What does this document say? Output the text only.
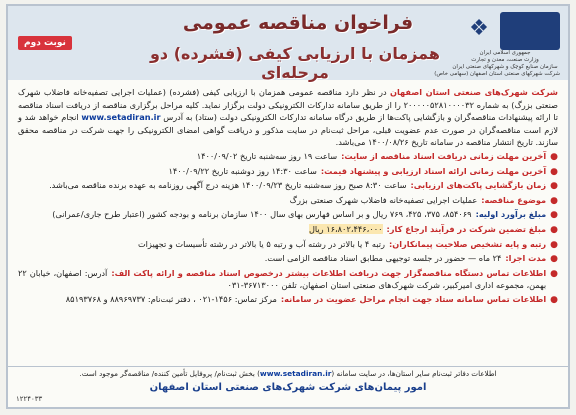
❖
جمهوری اسلامی ایران
وزارت صنعت، معدن و تجارت
سازمان صنایع کوچک و شهرکهای صنعتی ایران
شرکت شهرکهای صنعتی استان اصفهان (سهامی خاص)
فراخوان مناقصه عمومی
همزمان با ارزیابی کیفی (فشرده) دو مرحله‌ای
نوبت دوم

شرکت شهرک‌های صنعتی استان اصفهان در نظر دارد مناقصه عمومی همزمان با ارزیابی کیفی (فشرده) (عملیات اجرایی تصفیه‌خانه فاضلاب شهرک صنعتی بزرگ) به شماره ۲۰۰۰۰۰۵۲۸۱۰۰۰۰۳۲ را از طریق سامانه تدارکات الکترونیکی دولت برگزار نماید. کلیه مراحل برگزاری مناقصه از دریافت اسناد مناقصه تا ارائه پیشنهادات مناقصه‌گران و بازگشایی پاکت‌ها از طریق درگاه سامانه تدارکات الکترونیکی دولت (ستاد) به آدرس www.setadiran.ir انجام خواهد شد و لازم است مناقصه‌گران در صورت عدم عضویت قبلی، مراحل ثبت‌نام در سایت مذکور و دریافت گواهی امضای الکترونیکی را جهت شرکت در مناقصه محقق سازند. تاریخ انتشار مناقصه در سامانه تاریخ ۱۴۰۰/۰۸/۲۶ می‌باشد.

●
آخرین مهلت زمانی دریافت اسناد مناقصه از سایت:ساعت ۱۹ روز سه‌شنبه تاریخ ۱۴۰۰/۰۹/۰۲
●
آخرین مهلت زمانی ارائه اسناد ارزیابی و پیشنهاد قیمت:ساعت ۱۴:۳۰ روز دوشنبه تاریخ ۱۴۰۰/۰۹/۲۲
●
زمان بازگشایی پاکت‌های ارزیابی:ساعت ۸:۳۰ صبح روز سه‌شنبه تاریخ ۱۴۰۰/۰۹/۲۳ هزینه درج آگهی روزنامه به عهده برنده مناقصه می‌باشد.
●
موضوع مناقصه:عملیات اجرایی تصفیه‌خانه فاضلاب شهرک صنعتی بزرگ
●
مبلغ برآورد اولیه:۸۵۴۰۶۹، ۳۷۵، ۴۲۵، ۷۶۹ ریال و بر اساس فهارس بهای سال ۱۴۰۰ سازمان برنامه و بودجه کشور (اعتبار طرح جاری/عمرانی)
●
مبلغ تضمین شرکت در فرآیند ارجاع کار:۱۶،۸۰۲،۴۴۶،۰۰۰ ریال
●
رتبه و پایه تشخیص صلاحیت پیمانکاران:رتبه ۴ یا بالاتر در رشته آب و رتبه ۵ یا بالاتر در رشته تأسیسات و تجهیزات
●
مدت اجرا:۲۴ ماه — حضور در جلسه توجیهی مطابق اسناد مناقصه الزامی است.
●
اطلاعات تماس دستگاه مناقصه‌گزار جهت دریافت اطلاعات بیشتر درخصوص اسناد مناقصه و ارائه پاکت الف:آدرس: اصفهان، خیابان ۲۲ بهمن، مجموعه اداری امیرکبیر، شرکت شهرک‌های صنعتی استان اصفهان، تلفن ۳۶۷۱۳۰۰۰-۰۳۱
●
اطلاعات تماس سامانه ستاد جهت انجام مراحل عضویت در سامانه:مرکز تماس: ۱۴۵۶-۰۲۱ ، دفتر ثبت‌نام: ۸۸۹۶۹۷۳۷ و ۸۵۱۹۳۷۶۸
اطلاعات دفاتر ثبت‌نام سایر استان‌ها، در سایت سامانه (www.setadiran.ir) بخش ثبت‌نام/ پروفایل تأمین کننده/ مناقصه‌گر موجود است.
امور پیمان‌های شرکت شهرک‌های صنعتی استان اصفهان
۱۲۲۴۰۳۳
